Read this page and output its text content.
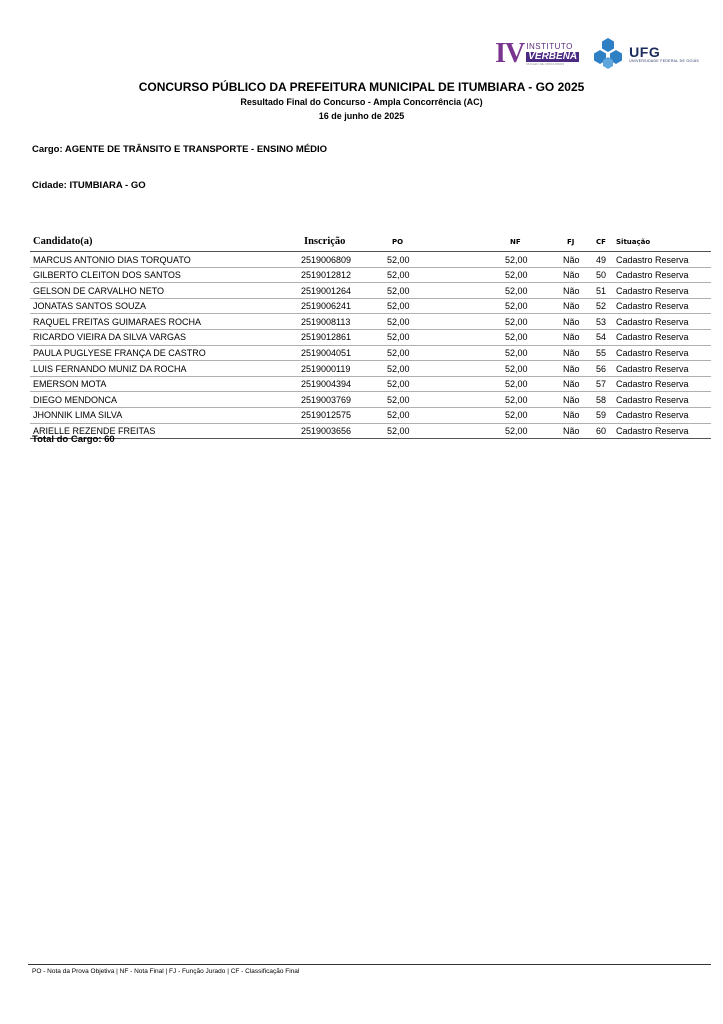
IV INSTITUTO
VERBENA
NÚCLEO DE CONCURSOS
UFG
UNIVERSIDADE FEDERAL DE GOIÁS
CONCURSO PÚBLICO DA PREFEITURA MUNICIPAL DE ITUMBIARA - GO 2025
Resultado Final do Concurso - Ampla Concorrência (AC)
16 de junho de 2025
Cargo: AGENTE DE TRÂNSITO E TRANSPORTE - ENSINO MÉDIO
Cidade: ITUMBIARA - GO
Candidato(a)	Inscrição	PO	NF	FJ	CF Situação
MARCUS ANTONIO DIAS TORQUATO	2519006809	52,00	52,00	Não 49 Cadastro Reserva
GILBERTO CLEITON DOS SANTOS	2519012812	52,00	52,00	Não 50 Cadastro Reserva
GELSON DE CARVALHO NETO	2519001264	52,00	52,00	Não 51 Cadastro Reserva
JONATAS SANTOS SOUZA	2519006241	52,00	52,00	Não 52 Cadastro Reserva
RAQUEL FREITAS GUIMARAES ROCHA	2519008113	52,00	52,00	Não 53 Cadastro Reserva
RICARDO VIEIRA DA SILVA VARGAS	2519012861	52,00	52,00	Não 54 Cadastro Reserva
PAULA PUGLYESE FRANÇA DE CASTRO	2519004051	52,00	52,00	Não 55 Cadastro Reserva
LUIS FERNANDO MUNIZ DA ROCHA	2519000119	52,00	52,00	Não 56 Cadastro Reserva
EMERSON MOTA	2519004394	52,00	52,00	Não 57 Cadastro Reserva
DIEGO MENDONCA	2519003769	52,00	52,00	Não 58 Cadastro Reserva
JHONNIK LIMA SILVA	2519012575	52,00	52,00	Não 59 Cadastro Reserva
ARIELLE REZENDE FREITAS	2519003656	52,00	52,00	Não 60 Cadastro Reserva
Total do Cargo: 60
PO - Nota da Prova Objetiva | NF - Nota Final | FJ - Função Jurado | CF - Classificação Final
